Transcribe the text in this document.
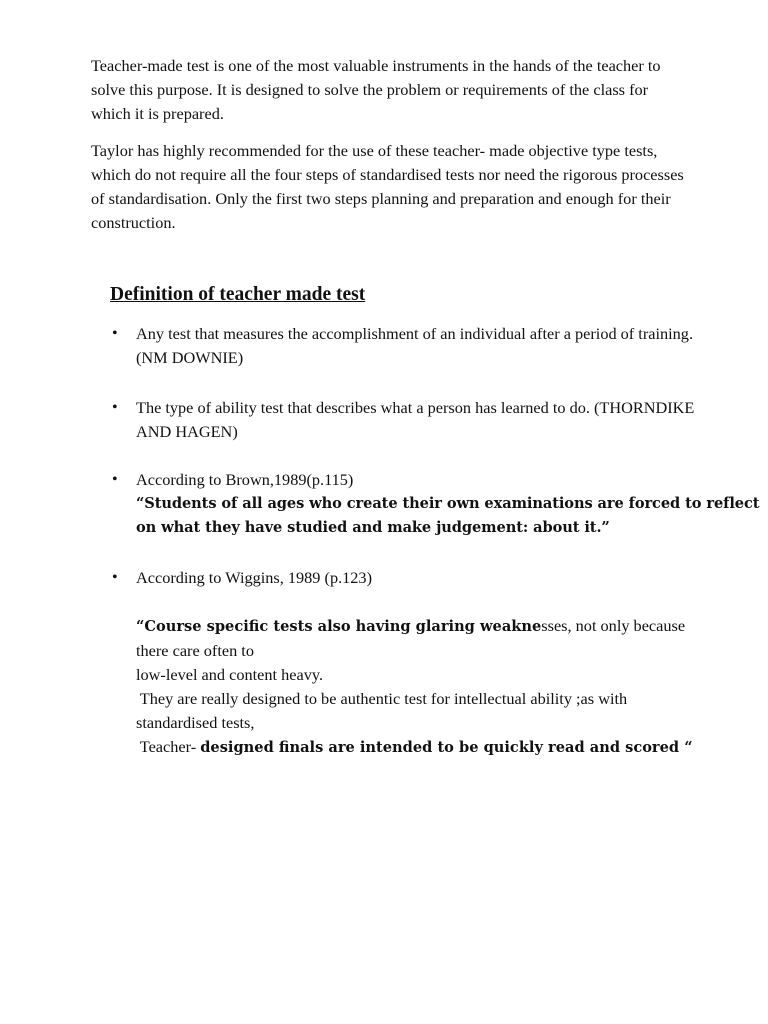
Teacher-made test is one of the most valuable instruments in the hands of the teacher to solve this purpose. It is designed to solve the problem or requirements of the class for which it is prepared.

Taylor has highly recommended for the use of these teacher- made objective type tests, which do not require all the four steps of standardised tests nor need the rigorous processes of standardisation. Only the first two steps planning and preparation and enough for their construction.

Definition of teacher made test
• Any test that measures the accomplishment of an individual after a period of training. (NM DOWNIE)

• The type of ability test that describes what a person has learned to do. (THORNDIKE AND HAGEN)

• According to Brown,1989(p.115)
“Students of all ages who create their own examinations are forced to reflect
on what they have studied and make judgement: about it.”
• According to Wiggins, 1989 (p.123)
“Course specific tests also having glaring weaknesses, not only because
there care often to
low-level and content heavy.
They are really designed to be authentic test for intellectual ability ;as with
standardised tests,
Teacher- designed finals are intended to be quickly read and scored “
